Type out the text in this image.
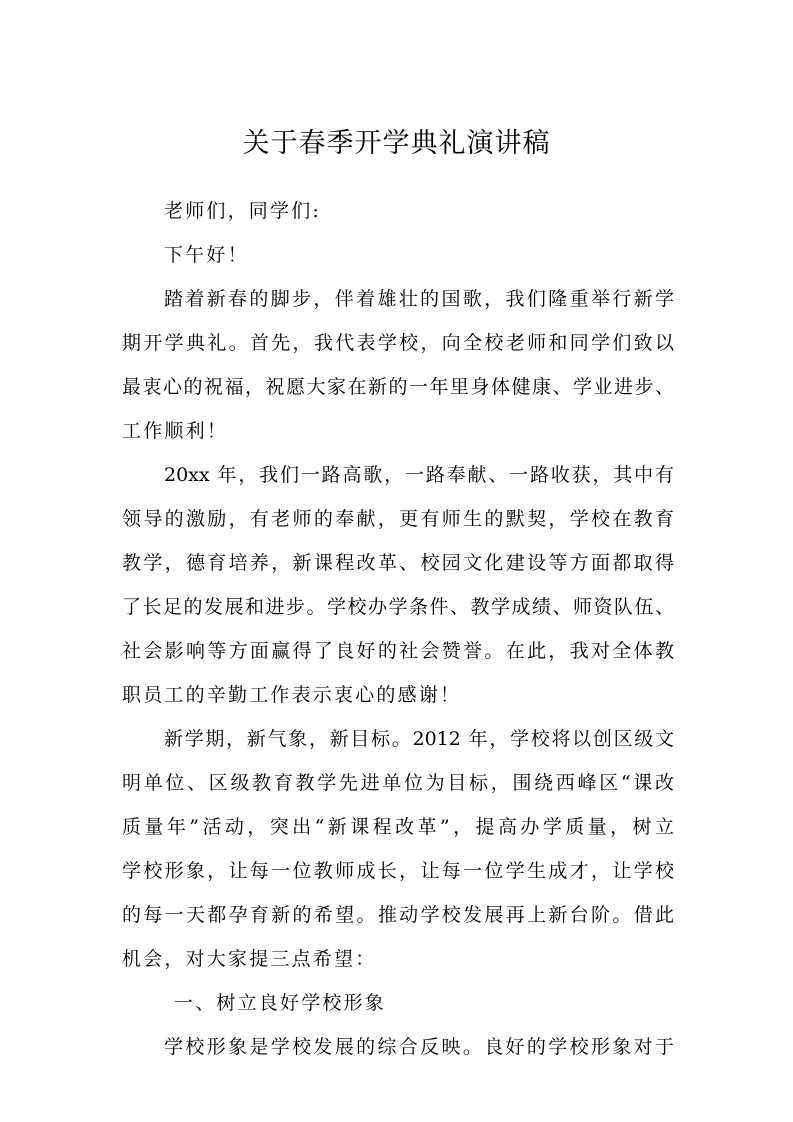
关于春季开学典礼演讲稿
老师们，同学们:
下午好！
踏着新春的脚步，伴着雄壮的国歌，我们隆重举行新学
期开学典礼。首先，我代表学校，向全校老师和同学们致以
最衷心的祝福，祝愿大家在新的一年里身体健康、学业进步、
工作顺利！
20xx 年，我们一路高歌，一路奉献、一路收获，其中有
领导的激励，有老师的奉献，更有师生的默契，学校在教育
教学，德育培养，新课程改革、校园文化建设等方面都取得
了长足的发展和进步。学校办学条件、教学成绩、师资队伍、
社会影响等方面赢得了良好的社会赞誉。在此，我对全体教
职员工的辛勤工作表示衷心的感谢！
新学期，新气象，新目标。2012 年，学校将以创区级文
明单位、区级教育教学先进单位为目标，围绕西峰区“课改
质量年”活动，突出“新课程改革”，提高办学质量，树立
学校形象，让每一位教师成长，让每一位学生成才，让学校
的每一天都孕育新的希望。推动学校发展再上新台阶。借此
机会，对大家提三点希望：
一、树立良好学校形象
学校形象是学校发展的综合反映。良好的学校形象对于
